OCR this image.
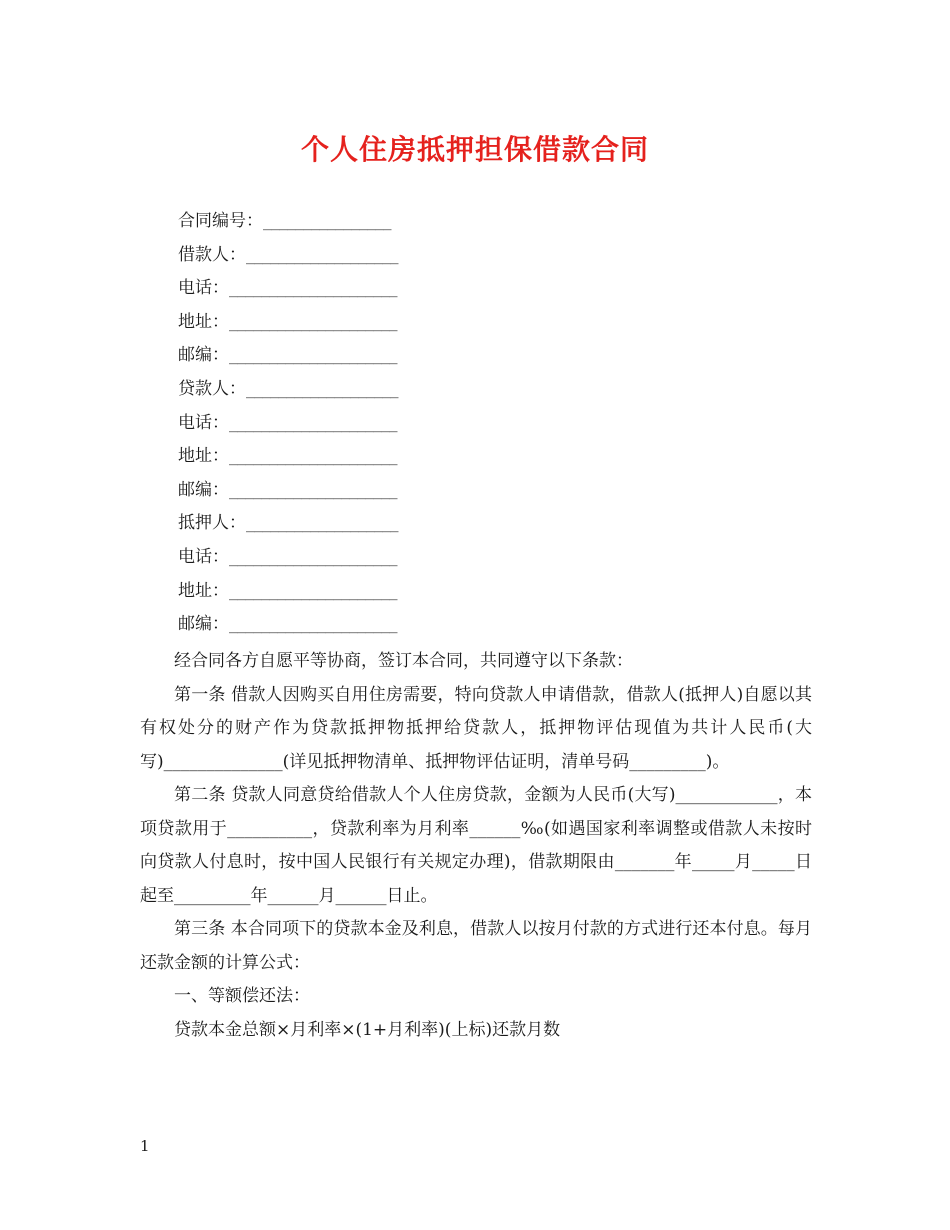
个人住房抵押担保借款合同
合同编号：________________
借款人：___________________
电话：_____________________
地址：_____________________
邮编：_____________________
贷款人：___________________
电话：_____________________
地址：_____________________
邮编：_____________________
抵押人：___________________
电话：_____________________
地址：_____________________
邮编：_____________________

经合同各方自愿平等协商，签订本合同，共同遵守以下条款：

第一条 借款人因购买自用住房需要，特向贷款人申请借款，借款人(抵押人)自愿以其有权处分的财产作为贷款抵押物抵押给贷款人，抵押物评估现值为共计人民币(大写)______________(详见抵押物清单、抵押物评估证明，清单号码_________)。

第二条 贷款人同意贷给借款人个人住房贷款，金额为人民币(大写)____________，本项贷款用于__________，贷款利率为月利率______‰(如遇国家利率调整或借款人未按时向贷款人付息时，按中国人民银行有关规定办理)，借款期限由_______年_____月_____日起至_________年______月______日止。

第三条 本合同项下的贷款本金及利息，借款人以按月付款的方式进行还本付息。每月还款金额的计算公式：

一、等额偿还法：

贷款本金总额×月利率×(1+月利率)(上标)还款月数

1
